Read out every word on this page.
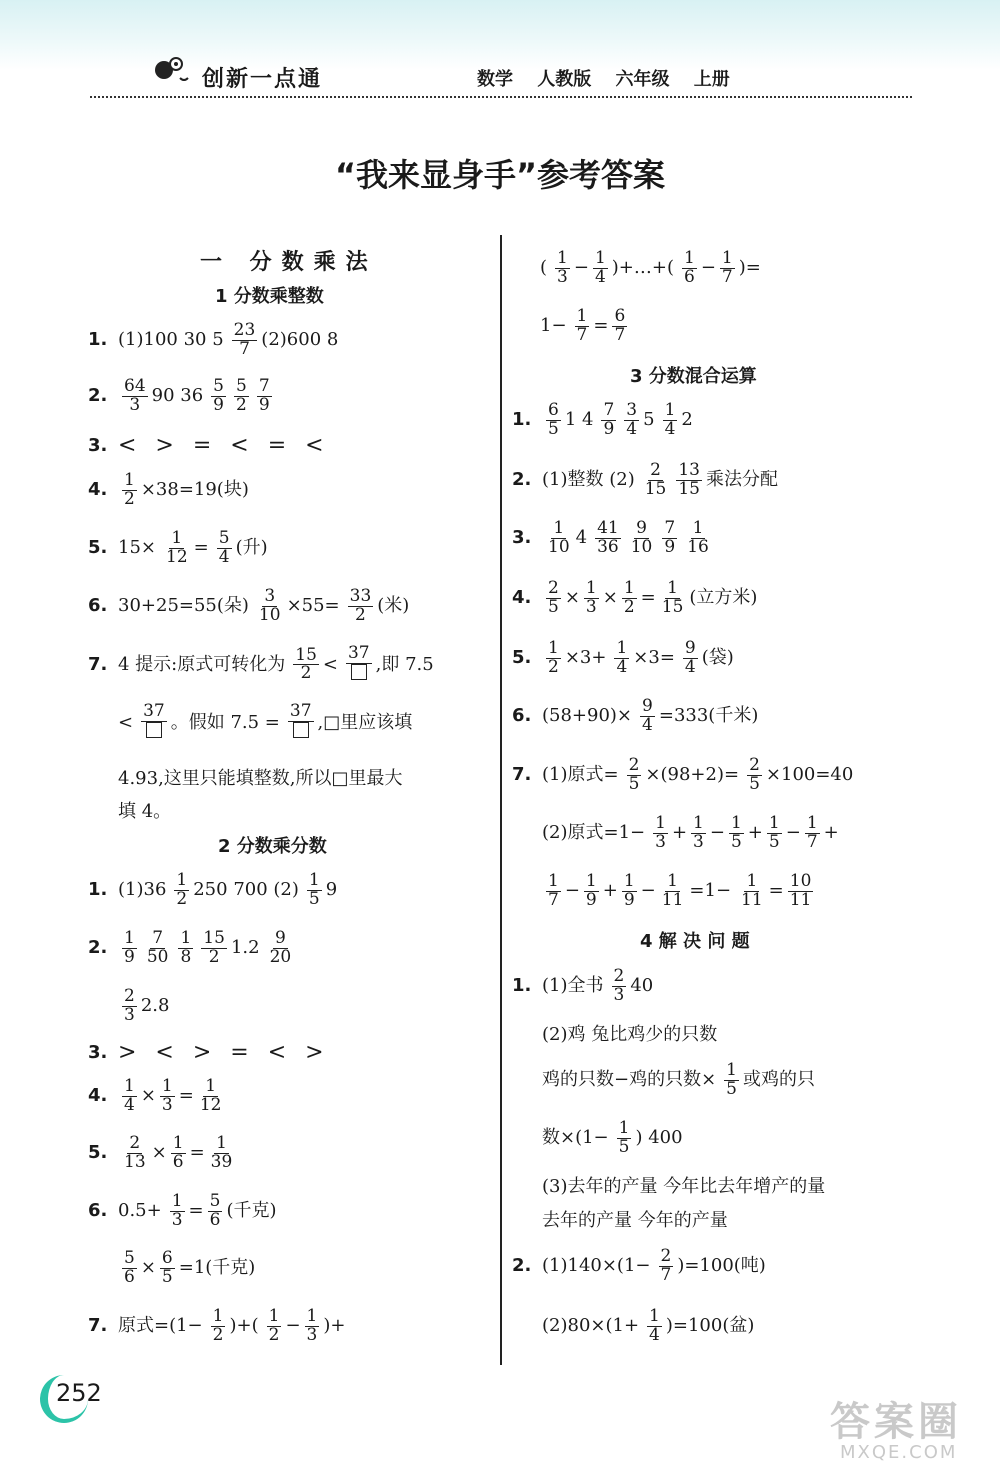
创新一点通	数学 人教版 六年级 上册
“我来显身手”参考答案
一 分数乘法
1 分数乘整数
1. (1)100 30 $5 \frac{23}{7} (2)600$ 8
2. $\frac{64}{3} 90$ $36 \frac{5}{9} \frac{5}{2} \frac{7}{9}$
3. < > = < = <
4. $\frac{1}{2} \times 38=19$(块)
5. $15\times \frac{1}{12} = \frac{5}{4}$ (升)
6. 30+25=55(朵) $\frac{3}{10} \times 55= \frac{33}{2}$ (米)
7. 4 提示:原式可转化为 $\frac{15}{2}$ <
37
,即 7.5
<
37
。假如 7.5 =
37
,□里应该填
4.93,这里只能填整数,所以□里最大
填 4。
2 分数乘分数
1. $(1)36 \frac{1}{2} 250$ 700 $(2) \frac{1}{5} 9$
2. $\frac{1}{9} \frac{7}{50} \frac{1}{8} \frac{15}{2} 1.2 \frac{9}{20}$
$\frac{2}{3} 2.8$
3. > < > = < >
4. $\frac{1}{4} \times \frac{1}{3} = \frac{1}{12}$
5. $\frac{2}{13} \times \frac{1}{6} = \frac{1}{39}$
6. $0.5+ \frac{1}{3} = \frac{5}{6}$ (千克)
$\frac{5}{6} \times \frac{6}{5} =1$(千克)
7. 原式$=(1- \frac{1}{2}$ )+( $\frac{1}{2} - \frac{1}{3}$ )+
( $\frac{1}{3} - \frac{1}{4}$ )+…+( $\frac{1}{6} - \frac{1}{7}$ )=
$1- \frac{1}{7} = \frac{6}{7}$
3 分数混合运算
1. $\frac{6}{5} 1$ $4 \frac{7}{9} \frac{3}{4} 5 \frac{1}{4} 2$
2. (1)整数 $(2) \frac{2}{15} \frac{13}{15}$ 乘法分配
3. $\frac{1}{10} 4 \frac{41}{36} \frac{9}{10} \frac{7}{9} \frac{1}{16}$
4. $\frac{2}{5} \times \frac{1}{3} \times \frac{1}{2} = \frac{1}{15}$ (立方米)
5. $\frac{1}{2} \times 3+ \frac{1}{4} \times 3= \frac{9}{4}$ (袋)
6. $(58+90)\times \frac{9}{4} =333$(千米)
7. (1)原式= $\frac{2}{5} \times(98+2)= \frac{2}{5} \times 100=40$
(2)原式$=1- \frac{1}{3} + \frac{1}{3} - \frac{1}{5} + \frac{1}{5} - \frac{1}{7}$ +
$\frac{1}{7} - \frac{1}{9} + \frac{1}{9} - \frac{1}{11} =1- \frac{1}{11} = \frac{10}{11}$
4 解 决 问 题
1. (1)全书 $\frac{2}{3} 40$
(2)鸡 兔比鸡少的只数
鸡的只数−鸡的只数× $\frac{1}{5}$ 或鸡的只
数$\times(1- \frac{1}{5}$ ) 400
(3)去年的产量 今年比去年增产的量
去年的产量 今年的产量
2. $(1)140\times(1- \frac{2}{7} )=100$(吨)
$(2)80\times(1+ \frac{1}{4} )=100$(盆)
252
答案圈
MXQE.COM
